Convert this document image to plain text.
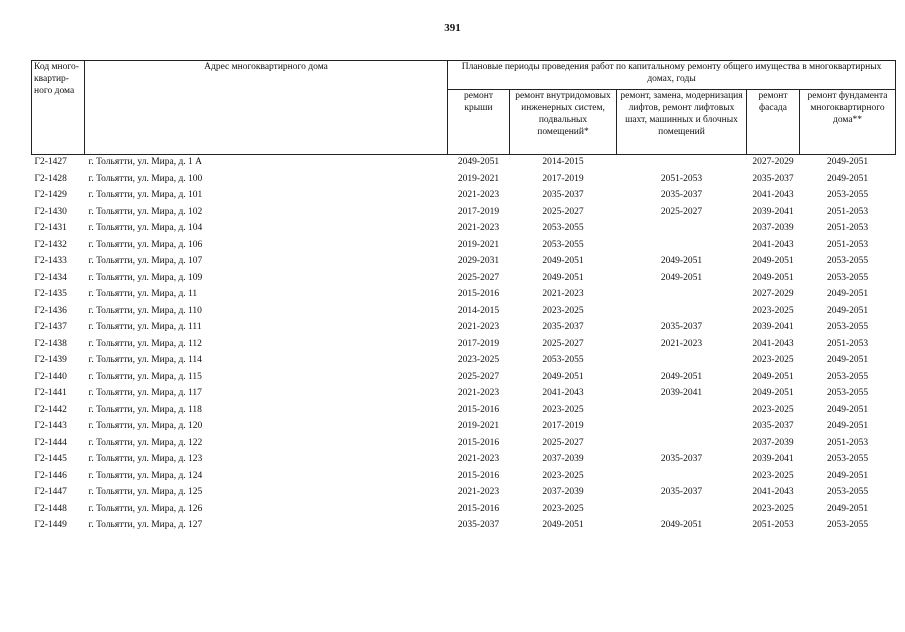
391
Код много-квартир-ного дома	Адрес многоквартирного дома	Плановые периоды проведения работ по капитальному ремонту общего имущества в многоквартирных домах, годы				
		ремонт крыши	ремонт внутридомовых инженерных систем, подвальных помещений*	ремонт, замена, модернизация лифтов, ремонт лифтовых шахт, машинных и блочных помещений	ремонт фасада	ремонт фундамента многоквартирного дома**
Г2-1427	г. Тольятти, ул. Мира, д. 1 А	2049-2051	2014-2015		2027-2029	2049-2051
Г2-1428	г. Тольятти, ул. Мира, д. 100	2019-2021	2017-2019	2051-2053	2035-2037	2049-2051
Г2-1429	г. Тольятти, ул. Мира, д. 101	2021-2023	2035-2037	2035-2037	2041-2043	2053-2055
Г2-1430	г. Тольятти, ул. Мира, д. 102	2017-2019	2025-2027	2025-2027	2039-2041	2051-2053
Г2-1431	г. Тольятти, ул. Мира, д. 104	2021-2023	2053-2055		2037-2039	2051-2053
Г2-1432	г. Тольятти, ул. Мира, д. 106	2019-2021	2053-2055		2041-2043	2051-2053
Г2-1433	г. Тольятти, ул. Мира, д. 107	2029-2031	2049-2051	2049-2051	2049-2051	2053-2055
Г2-1434	г. Тольятти, ул. Мира, д. 109	2025-2027	2049-2051	2049-2051	2049-2051	2053-2055
Г2-1435	г. Тольятти, ул. Мира, д. 11	2015-2016	2021-2023		2027-2029	2049-2051
Г2-1436	г. Тольятти, ул. Мира, д. 110	2014-2015	2023-2025		2023-2025	2049-2051
Г2-1437	г. Тольятти, ул. Мира, д. 111	2021-2023	2035-2037	2035-2037	2039-2041	2053-2055
Г2-1438	г. Тольятти, ул. Мира, д. 112	2017-2019	2025-2027	2021-2023	2041-2043	2051-2053
Г2-1439	г. Тольятти, ул. Мира, д. 114	2023-2025	2053-2055		2023-2025	2049-2051
Г2-1440	г. Тольятти, ул. Мира, д. 115	2025-2027	2049-2051	2049-2051	2049-2051	2053-2055
Г2-1441	г. Тольятти, ул. Мира, д. 117	2021-2023	2041-2043	2039-2041	2049-2051	2053-2055
Г2-1442	г. Тольятти, ул. Мира, д. 118	2015-2016	2023-2025		2023-2025	2049-2051
Г2-1443	г. Тольятти, ул. Мира, д. 120	2019-2021	2017-2019		2035-2037	2049-2051
Г2-1444	г. Тольятти, ул. Мира, д. 122	2015-2016	2025-2027		2037-2039	2051-2053
Г2-1445	г. Тольятти, ул. Мира, д. 123	2021-2023	2037-2039	2035-2037	2039-2041	2053-2055
Г2-1446	г. Тольятти, ул. Мира, д. 124	2015-2016	2023-2025		2023-2025	2049-2051
Г2-1447	г. Тольятти, ул. Мира, д. 125	2021-2023	2037-2039	2035-2037	2041-2043	2053-2055
Г2-1448	г. Тольятти, ул. Мира, д. 126	2015-2016	2023-2025		2023-2025	2049-2051
Г2-1449	г. Тольятти, ул. Мира, д. 127	2035-2037	2049-2051	2049-2051	2051-2053	2053-2055
